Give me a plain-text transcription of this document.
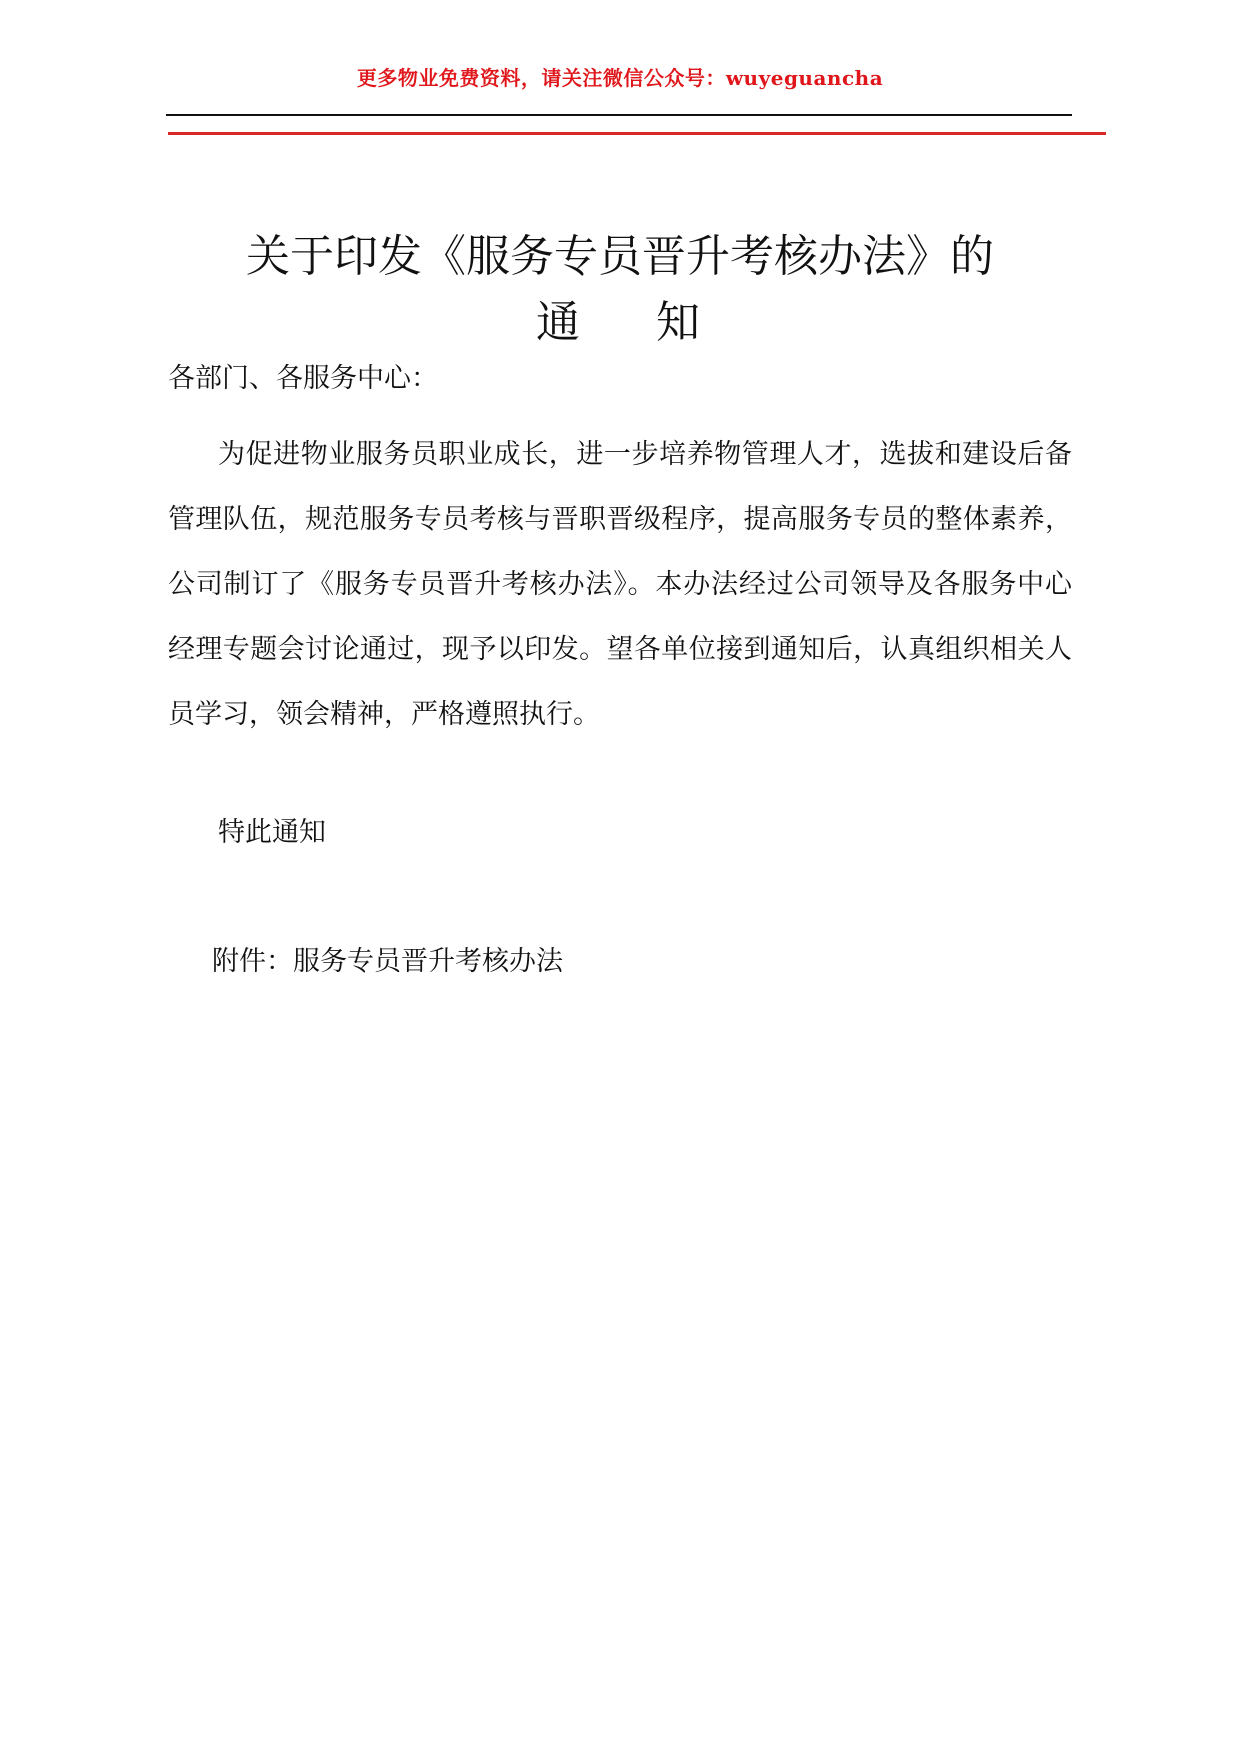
更多物业免费资料，请关注微信公众号：wuyeguancha
关于印发《服务专员晋升考核办法》的
通 知
各部门、各服务中心：
为促进物业服务员职业成长，进一步培养物管理人才，选拔和建设后备管理队伍，规范服务专员考核与晋职晋级程序，提高服务专员的整体素养，公司制订了《服务专员晋升考核办法》。本办法经过公司领导及各服务中心经理专题会讨论通过，现予以印发。望各单位接到通知后，认真组织相关人员学习，领会精神，严格遵照执行。
特此通知
附件：服务专员晋升考核办法
